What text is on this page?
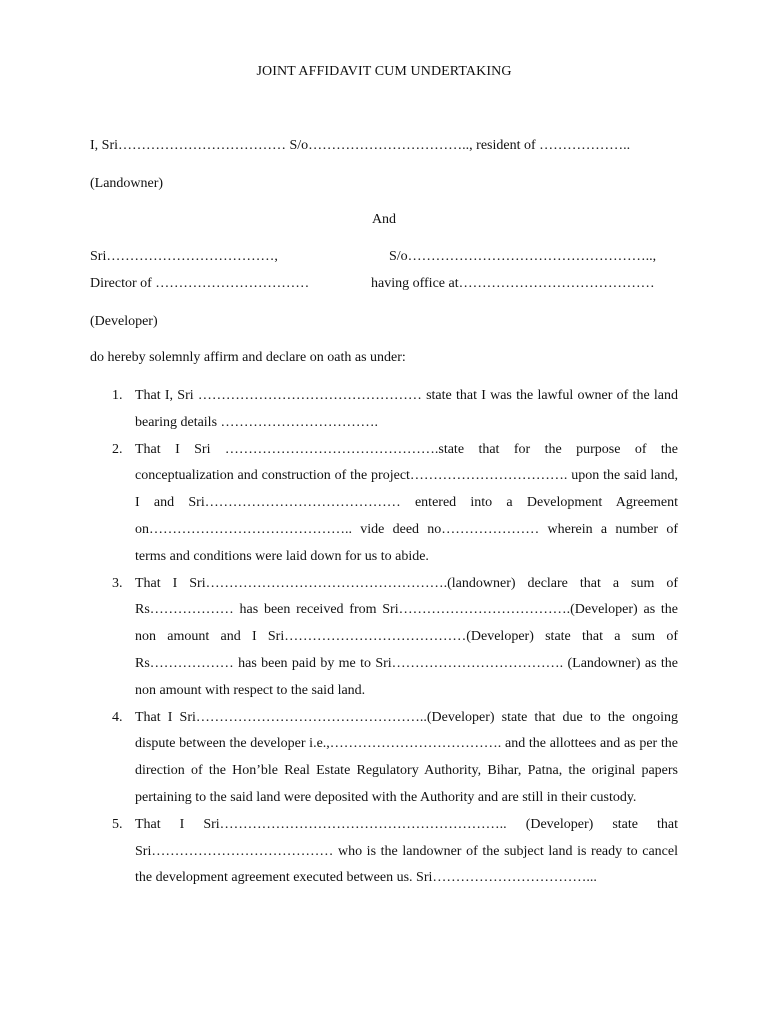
JOINT AFFIDAVIT CUM UNDERTAKING
I, Sri……………………………… S/o…………………………….., resident of ………………..
(Landowner)
And
Sri………………………………,	S/o……………………………………………..,
Director of ……………………………	having office at……………………………………
(Developer)
do hereby solemnly affirm and declare on oath as under:
1. That I, Sri ………………………………………… state that I was the lawful owner of the land bearing details …………………………….
2. That I Sri ……………………………………….state that for the purpose of the conceptualization and construction of the project……………………………. upon the said land, I and Sri…………………………………… entered into a Development Agreement on…………………………………….. vide deed no………………… wherein a number of terms and conditions were laid down for us to abide.
3. That I Sri…………………………………………….(landowner) declare that a sum of Rs……………… has been received from Sri……………………………….(Developer) as the non amount and I Sri…………………………………(Developer) state that a sum of Rs……………… has been paid by me to Sri………………………………. (Landowner) as the non amount with respect to the said land.
4. That I Sri…………………………………………..(Developer) state that due to the ongoing dispute between the developer i.e.,………………………………. and the allottees and as per the direction of the Hon’ble Real Estate Regulatory Authority, Bihar, Patna, the original papers pertaining to the said land were deposited with the Authority and are still in their custody.
5. That I Sri…………………………………………………….. (Developer) state that Sri………………………………… who is the landowner of the subject land is ready to cancel the development agreement executed between us. Sri……………………………...
